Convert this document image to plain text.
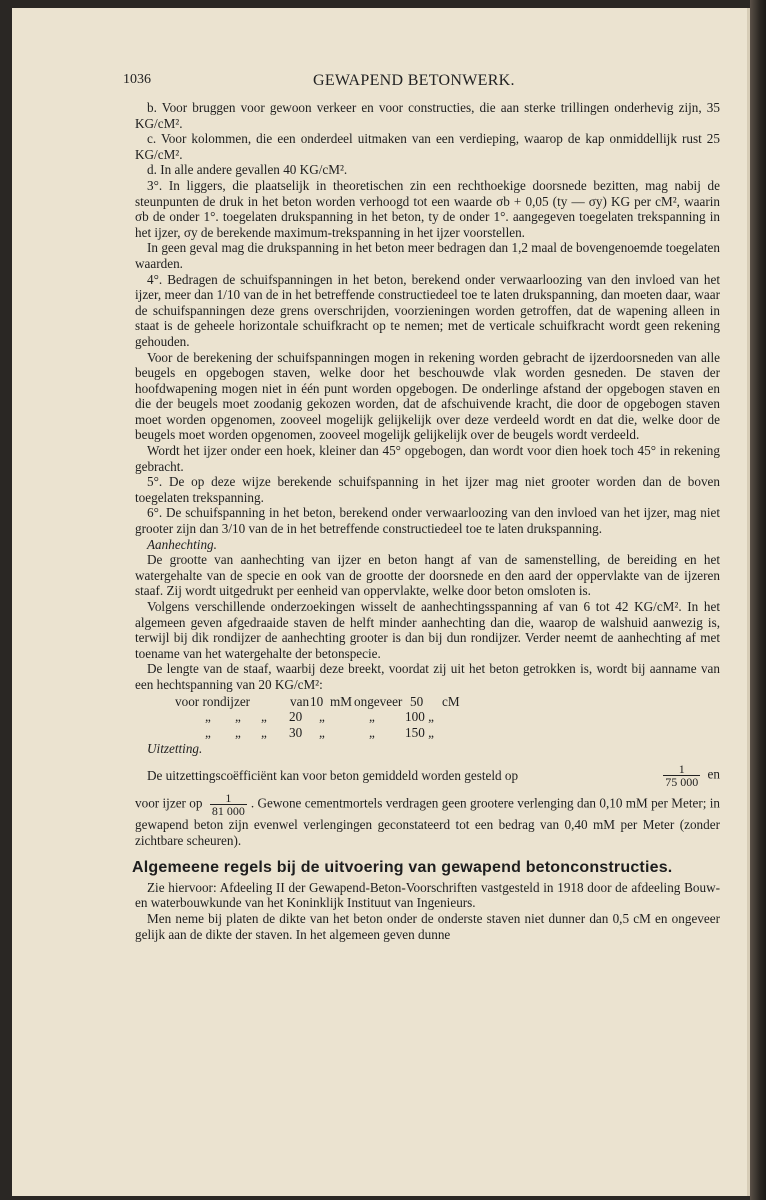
1036	GEWAPEND BETONWERK.

b. Voor bruggen voor gewoon verkeer en voor constructies, die aan sterke trillingen onderhevig zijn, 35 KG/cM².

c. Voor kolommen, die een onderdeel uitmaken van een verdieping, waarop de kap onmiddellijk rust 25 KG/cM².

d. In alle andere gevallen 40 KG/cM².

3°. In liggers, die plaatselijk in theoretischen zin een rechthoekige doorsnede bezitten, mag nabij de steunpunten de druk in het beton worden verhoogd tot een waarde σb + 0,05 (ty — σy) KG per cM², waarin σb de onder 1°. toegelaten drukspanning in het beton, ty de onder 1°. aangegeven toegelaten trekspanning in het ijzer, σy de berekende maximum-trekspanning in het ijzer voorstellen.

In geen geval mag die drukspanning in het beton meer bedragen dan 1,2 maal de bovengenoemde toegelaten waarden.

4°. Bedragen de schuifspanningen in het beton, berekend onder verwaarloozing van den invloed van het ijzer, meer dan 1/10 van de in het betreffende constructiedeel toe te laten drukspanning, dan moeten daar, waar de schuifspanningen deze grens overschrijden, voorzieningen worden getroffen, dat de wapening alleen in staat is de geheele horizontale schuifkracht op te nemen; met de verticale schuifkracht wordt geen rekening gehouden.

Voor de berekening der schuifspanningen mogen in rekening worden gebracht de ijzerdoorsneden van alle beugels en opgebogen staven, welke door het beschouwde vlak worden gesneden. De staven der hoofdwapening mogen niet in één punt worden opgebogen. De onderlinge afstand der opgebogen staven en die der beugels moet zoodanig gekozen worden, dat de afschuivende kracht, die door de opgebogen staven moet worden opgenomen, zooveel mogelijk gelijkelijk over deze verdeeld wordt en dat die, welke door de beugels moet worden opgenomen, zooveel mogelijk gelijkelijk over de beugels wordt verdeeld.

Wordt het ijzer onder een hoek, kleiner dan 45° opgebogen, dan wordt voor dien hoek toch 45° in rekening gebracht.

5°. De op deze wijze berekende schuifspanning in het ijzer mag niet grooter worden dan de boven toegelaten trekspanning.

6°. De schuifspanning in het beton, berekend onder verwaarloozing van den invloed van het ijzer, mag niet grooter zijn dan 3/10 van de in het betreffende constructiedeel toe te laten drukspanning.

Aanhechting.

De grootte van aanhechting van ijzer en beton hangt af van de samenstelling, de bereiding en het watergehalte van de specie en ook van de grootte der doorsnede en den aard der oppervlakte van de ijzeren staaf. Zij wordt uitgedrukt per eenheid van oppervlakte, welke door beton omsloten is.

Volgens verschillende onderzoekingen wisselt de aanhechtingsspanning af van 6 tot 42 KG/cM². In het algemeen geven afgedraaide staven de helft minder aanhechting dan die, waarop de walshuid aanwezig is, terwijl bij dik rondijzer de aanhechting grooter is dan bij dun rondijzer. Verder neemt de aanhechting af met toename van het watergehalte der betonspecie.

De lengte van de staaf, waarbij deze breekt, voordat zij uit het beton getrokken is, wordt bij aanname van een hechtspanning van 20 KG/cM²:

voor rondijzer	van 10 mM ongeveer 50	cM
„	„	„	20	„	„	100 „
„	„	„	30	„	„	150 „

Uitzetting.

De uitzettingscoëfficiënt kan voor beton gemiddeld worden gesteld op	$\frac{1}{75 000}$ en

voor ijzer op $\frac{1}{81 000}$ . Gewone cementmortels verdragen geen grootere verlenging dan 0,10 mM per Meter; in gewapend beton zijn evenwel verlengingen geconstateerd tot een bedrag van 0,40 mM per Meter (zonder zichtbare scheuren).

Algemeene regels bij de uitvoering van gewapend betonconstructies.

Zie hiervoor: Afdeeling II der Gewapend-Beton-Voorschriften vastgesteld in 1918 door de afdeeling Bouw- en waterbouwkunde van het Koninklijk Instituut van Ingenieurs.

Men neme bij platen de dikte van het beton onder de onderste staven niet dunner dan 0,5 cM en ongeveer gelijk aan de dikte der staven. In het algemeen geven dunne
